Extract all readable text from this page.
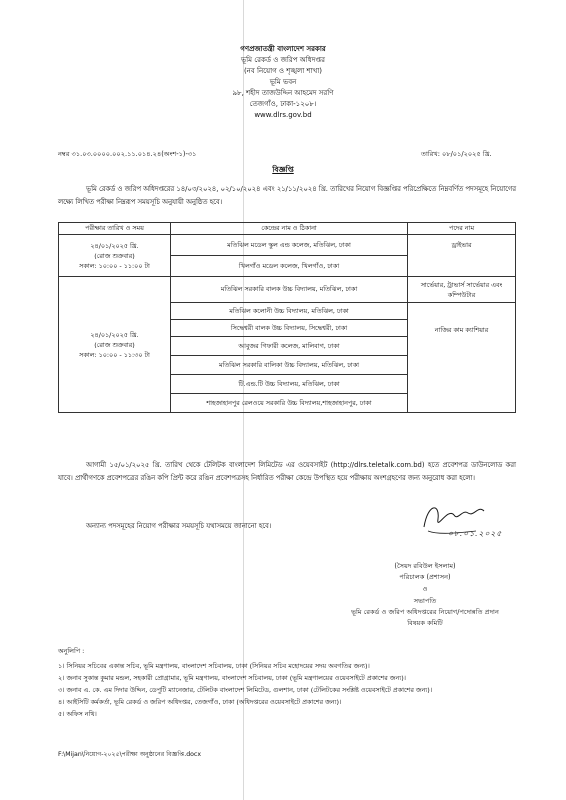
গণপ্রজাতন্ত্রী বাংলাদেশ সরকার
ভূমি রেকর্ড ও জরিপ অধিদপ্তর
(নব নিয়োগ ও শৃঙ্খলা শাখা)
ভূমি ভবন
৯৮, শহীদ তাজউদ্দিন আহমেদ সরণি
তেজগাঁও, ঢাকা-১২০৮।
www.dlrs.gov.bd
নম্বর ৩১.০৩.০০০০.০০২.১১.০১৪.২৪(অংশ-১)-৩১	তারিখ: ০৮/০১/২০২৫ খ্রি.
বিজ্ঞপ্তি
ভূমি রেকর্ড ও জরিপ অধিদপ্তরের ১৪/০৩/২০২৪, ০২/১০/২০২৪ এবং ২১/১১/২০২৪ খ্রি. তারিখের নিয়োগ বিজ্ঞপ্তির পরিপ্রেক্ষিতে নিম্নবর্ণিত পদসমূহে নিয়োগের লক্ষ্যে লিখিত পরীক্ষা নিম্নরূপ সময়সূচি অনুযায়ী অনুষ্ঠিত হবে।
পরীক্ষার তারিখ ও সময়	কেন্দ্রের নাম ও ঠিকানা	পদের নাম

২৪/০১/২০২৫ খ্রি.
(রোজ শুক্রবার)
সকাল: ১০:০০ - ১১:০০ টা	মতিঝিল মডেল স্কুল এন্ড কলেজ, মতিঝিল, ঢাকা	ড্রাইভার
	খিলগাঁও মডেল কলেজ, খিলগাঁও, ঢাকা	

২৪/০১/২০২৫ খ্রি.
(রোজ শুক্রবার)
সকাল: ১০:০০ - ১১:৩০ টা	মতিঝিল সরকারি বালক উচ্চ বিদ্যালয়, মতিঝিল, ঢাকা	সার্ভেয়ার, ট্রাভার্স সার্ভেয়ার এবং কম্পিউটার
	মতিঝিল কলোনী উচ্চ বিদ্যালয়, মতিঝিল, ঢাকা	নাজির কাম ক্যাশিয়ার
	সিদ্ধেশ্বরী বালক উচ্চ বিদ্যালয়, সিদ্ধেশ্বরী, ঢাকা	
	আবুজর গিফারী কলেজ, মালিবাগ, ঢাকা	
	মতিঝিল সরকারি বালিকা উচ্চ বিদ্যালয়, মতিঝিল, ঢাকা	
	টি.এন্ড.টি উচ্চ বিদ্যালয়, মতিঝিল, ঢাকা	
	শাহজাহানপুর রেলওয়ে সরকারি উচ্চ বিদ্যালয়,শাহজাহানপুর, ঢাকা	
আগামী ১৫/০১/২০২৫ খ্রি. তারিখ থেকে টেলিটক বাংলাদেশ লিমিটেড এর ওয়েবসাইট (http://dlrs.teletalk.com.bd) হতে প্রবেশপত্র ডাউনলোড করা যাবে। প্রার্থীগণকে প্রবেশপত্রের রঙিন কপি প্রিন্ট করে রঙিন প্রবেশপত্রসহ নির্ধারিত পরীক্ষা কেন্দ্রে উপস্থিত হয়ে পরীক্ষায় অংশগ্রহণের জন্য অনুরোধ করা হলো।
অন্যান্য পদসমূহের নিয়োগ পরীক্ষার সময়সূচি যথাসময়ে জানানো হবে।
০৮.০১.২০২৫
(সৈয়দ রবিউল ইসলাম)
পরিচালক (প্রশাসন)
ও
সভাপতি
ভূমি রেকর্ড ও জরিপ অধিদপ্তরের নিয়োগ/পদোন্নতি প্রদান
বিষয়ক কমিটি
অনুলিপি :
১। সিনিয়র সচিবের একান্ত সচিব, ভূমি মন্ত্রণালয়, বাংলাদেশ সচিবালয়, ঢাকা (সিনিয়র সচিব মহোদয়ের সদয় অবগতির জন্য)।
২। জনাব সুকান্ত কুমার মন্ডল, সহকারী প্রোগ্রামার, ভূমি মন্ত্রণালয়, বাংলাদেশ সচিবালয়, ঢাকা (ভূমি মন্ত্রণালয়ের ওয়েবসাইটে প্রকাশের জন্য)।
৩। জনাব এ. কে. এম দিদার উদ্দিন, ডেপুটি ম্যানেজার, টেলিটক বাংলাদেশ লিমিটেড, গুলশান, ঢাকা (টেলিটকের সংশ্লিষ্ট ওয়েবসাইটে প্রকাশের জন্য)।
৪। আইসিটি কর্মকর্তা, ভূমি রেকর্ড ও জরিপ অধিদপ্তর, তেজগাঁও, ঢাকা (অধিদপ্তরের ওয়েবসাইটে প্রকাশের জন্য)।
৫। অফিস নথি।
F:\Mijan\নিয়োগ-২০২৫\পরীক্ষা অনুষ্ঠানের বিজ্ঞপ্তি.docx
